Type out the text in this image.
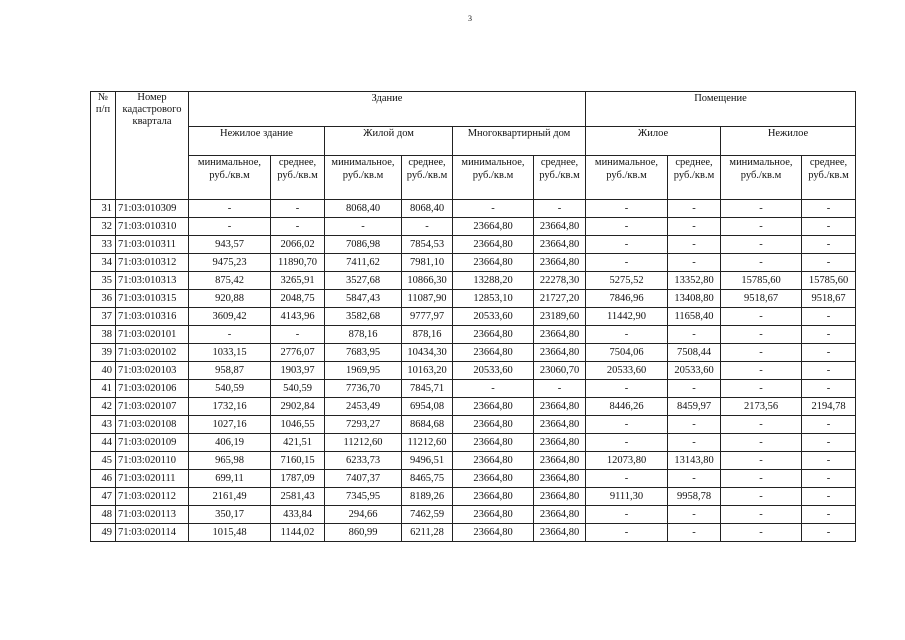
3
№ п/п	Номер кадастрового квартала	Здание						Помещение			
		Нежилое здание		Жилой дом		Многоквартирный дом		Жилое		Нежилое	
		минимальное, руб./кв.м	среднее, руб./кв.м	минимальное, руб./кв.м	среднее, руб./кв.м	минимальное, руб./кв.м	среднее, руб./кв.м	минимальное, руб./кв.м	среднее, руб./кв.м	минимальное, руб./кв.м	среднее, руб./кв.м
31	71:03:010309	-	-	8068,40	8068,40	-	-	-	-	-	-
32	71:03:010310	-	-	-	-	23664,80	23664,80	-	-	-	-
33	71:03:010311	943,57	2066,02	7086,98	7854,53	23664,80	23664,80	-	-	-	-
34	71:03:010312	9475,23	11890,70	7411,62	7981,10	23664,80	23664,80	-	-	-	-
35	71:03:010313	875,42	3265,91	3527,68	10866,30	13288,20	22278,30	5275,52	13352,80	15785,60	15785,60
36	71:03:010315	920,88	2048,75	5847,43	11087,90	12853,10	21727,20	7846,96	13408,80	9518,67	9518,67
37	71:03:010316	3609,42	4143,96	3582,68	9777,97	20533,60	23189,60	11442,90	11658,40	-	-
38	71:03:020101	-	-	878,16	878,16	23664,80	23664,80	-	-	-	-
39	71:03:020102	1033,15	2776,07	7683,95	10434,30	23664,80	23664,80	7504,06	7508,44	-	-
40	71:03:020103	958,87	1903,97	1969,95	10163,20	20533,60	23060,70	20533,60	20533,60	-	-
41	71:03:020106	540,59	540,59	7736,70	7845,71	-	-	-	-	-	-
42	71:03:020107	1732,16	2902,84	2453,49	6954,08	23664,80	23664,80	8446,26	8459,97	2173,56	2194,78
43	71:03:020108	1027,16	1046,55	7293,27	8684,68	23664,80	23664,80	-	-	-	-
44	71:03:020109	406,19	421,51	11212,60	11212,60	23664,80	23664,80	-	-	-	-
45	71:03:020110	965,98	7160,15	6233,73	9496,51	23664,80	23664,80	12073,80	13143,80	-	-
46	71:03:020111	699,11	1787,09	7407,37	8465,75	23664,80	23664,80	-	-	-	-
47	71:03:020112	2161,49	2581,43	7345,95	8189,26	23664,80	23664,80	9111,30	9958,78	-	-
48	71:03:020113	350,17	433,84	294,66	7462,59	23664,80	23664,80	-	-	-	-
49	71:03:020114	1015,48	1144,02	860,99	6211,28	23664,80	23664,80	-	-	-	-
